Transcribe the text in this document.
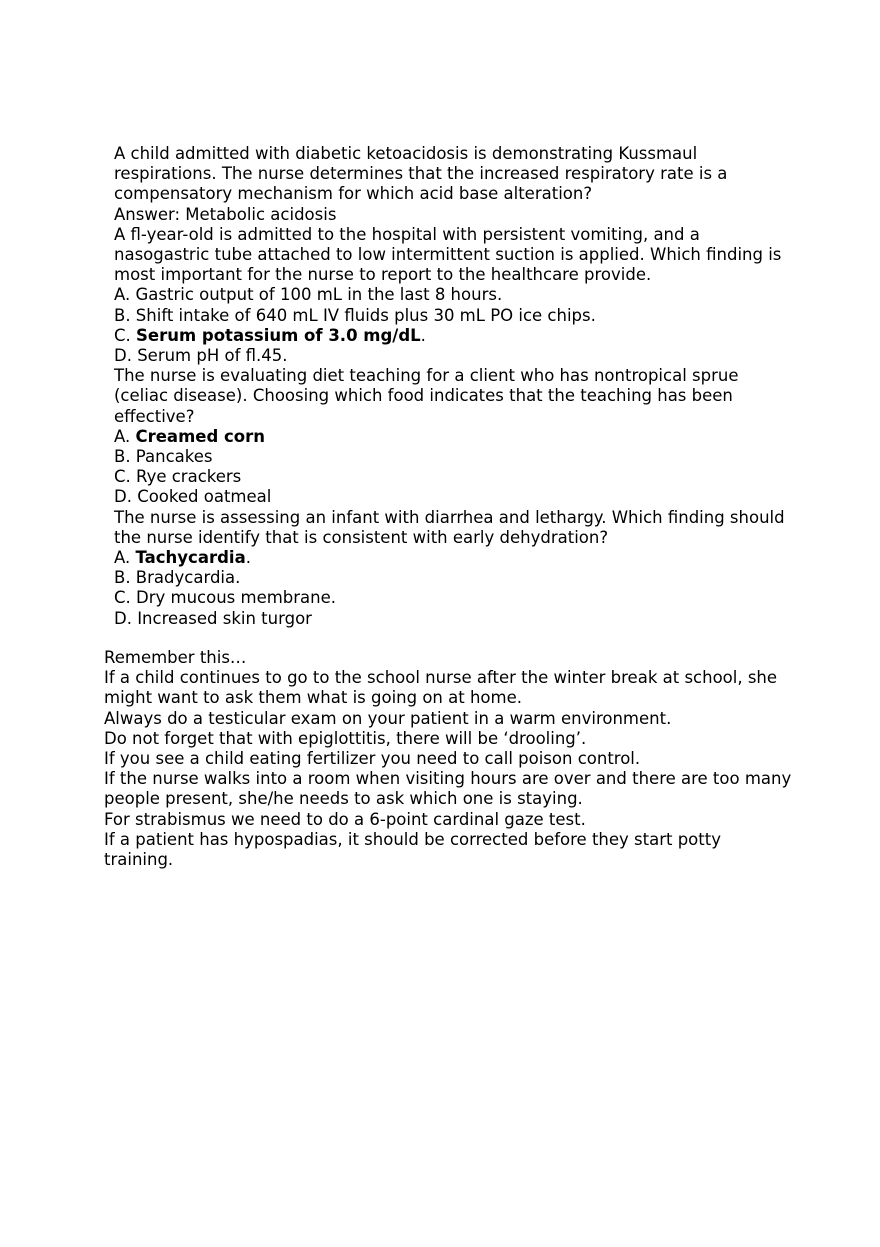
A child admitted with diabetic ketoacidosis is demonstrating Kussmaul respirations. The nurse determines that the increased respiratory rate is a compensatory mechanism for which acid base alteration?

Answer: Metabolic acidosis

A ﬂ-year-old is admitted to the hospital with persistent vomiting, and a nasogastric tube attached to low intermittent suction is applied. Which finding is most important for the nurse to report to the healthcare provide.

A. Gastric output of 100 mL in the last 8 hours.

B. Shift intake of 640 mL IV fluids plus 30 mL PO ice chips.

C. Serum potassium of 3.0 mg/dL.

D. Serum pH of ﬂ.45.

The nurse is evaluating diet teaching for a client who has nontropical sprue (celiac disease). Choosing which food indicates that the teaching has been effective?

A. Creamed corn

B. Pancakes

C. Rye crackers

D. Cooked oatmeal

The nurse is assessing an infant with diarrhea and lethargy. Which finding should the nurse identify that is consistent with early dehydration?

A. Tachycardia.

B. Bradycardia.

C. Dry mucous membrane.

D. Increased skin turgor

Remember this…

If a child continues to go to the school nurse after the winter break at school, she might want to ask them what is going on at home.

Always do a testicular exam on your patient in a warm environment.

Do not forget that with epiglottitis, there will be ‘drooling’.

If you see a child eating fertilizer you need to call poison control.

If the nurse walks into a room when visiting hours are over and there are too many people present, she/he needs to ask which one is staying.

For strabismus we need to do a 6-point cardinal gaze test.

If a patient has hypospadias, it should be corrected before they start potty training.
